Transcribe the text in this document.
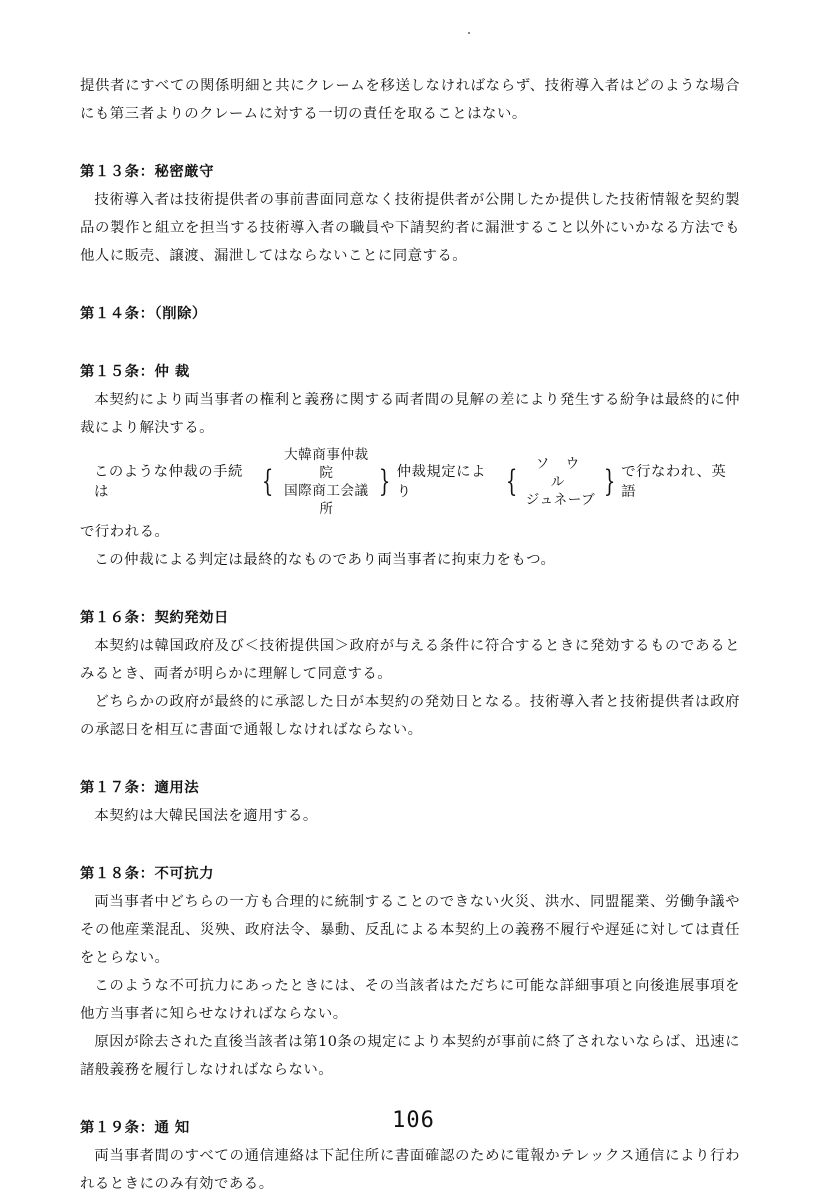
提供者にすべての関係明細と共にクレームを移送しなければならず、技術導入者はどのような場合にも第三者よりのクレームに対する一切の責任を取ることはない。

第１３条：秘密厳守

技術導入者は技術提供者の事前書面同意なく技術提供者が公開したか提供した技術情報を契約製品の製作と組立を担当する技術導入者の職員や下請契約者に漏泄すること以外にいかなる方法でも他人に販売、譲渡、漏泄してはならないことに同意する。

第１４条：（削除）

第１５条：仲 裁

本契約により両当事者の権利と義務に関する両者間の見解の差により発生する紛争は最終的に仲裁により解決する。

このような仲裁の手続は	{
大韓商事仲裁院
国際商工会議所
} 仲裁規定により	{	ソ ウ ル
ジュネーブ
} で行なわれ、英語

で行われる。

この仲裁による判定は最終的なものであり両当事者に拘束力をもつ。

第１６条：契約発効日

本契約は韓国政府及び＜技術提供国＞政府が与える条件に符合するときに発効するものであるとみるとき、両者が明らかに理解して同意する。

どちらかの政府が最終的に承認した日が本契約の発効日となる。技術導入者と技術提供者は政府の承認日を相互に書面で通報しなければならない。

第１７条：適用法

本契約は大韓民国法を適用する。

第１８条：不可抗力

両当事者中どちらの一方も合理的に統制することのできない火災、洪水、同盟罷業、労働争議やその他産業混乱、災殃、政府法令、暴動、反乱による本契約上の義務不履行や遅延に対しては責任をとらない。

このような不可抗力にあったときには、その当該者はただちに可能な詳細事項と向後進展事項を他方当事者に知らせなければならない。

原因が除去された直後当該者は第10条の規定により本契約が事前に終了されないならば、迅速に諸般義務を履行しなければならない。

第１９条：通 知

両当事者間のすべての通信連絡は下記住所に書面確認のために電報かテレックス通信により行われるときにのみ有効である。

106
